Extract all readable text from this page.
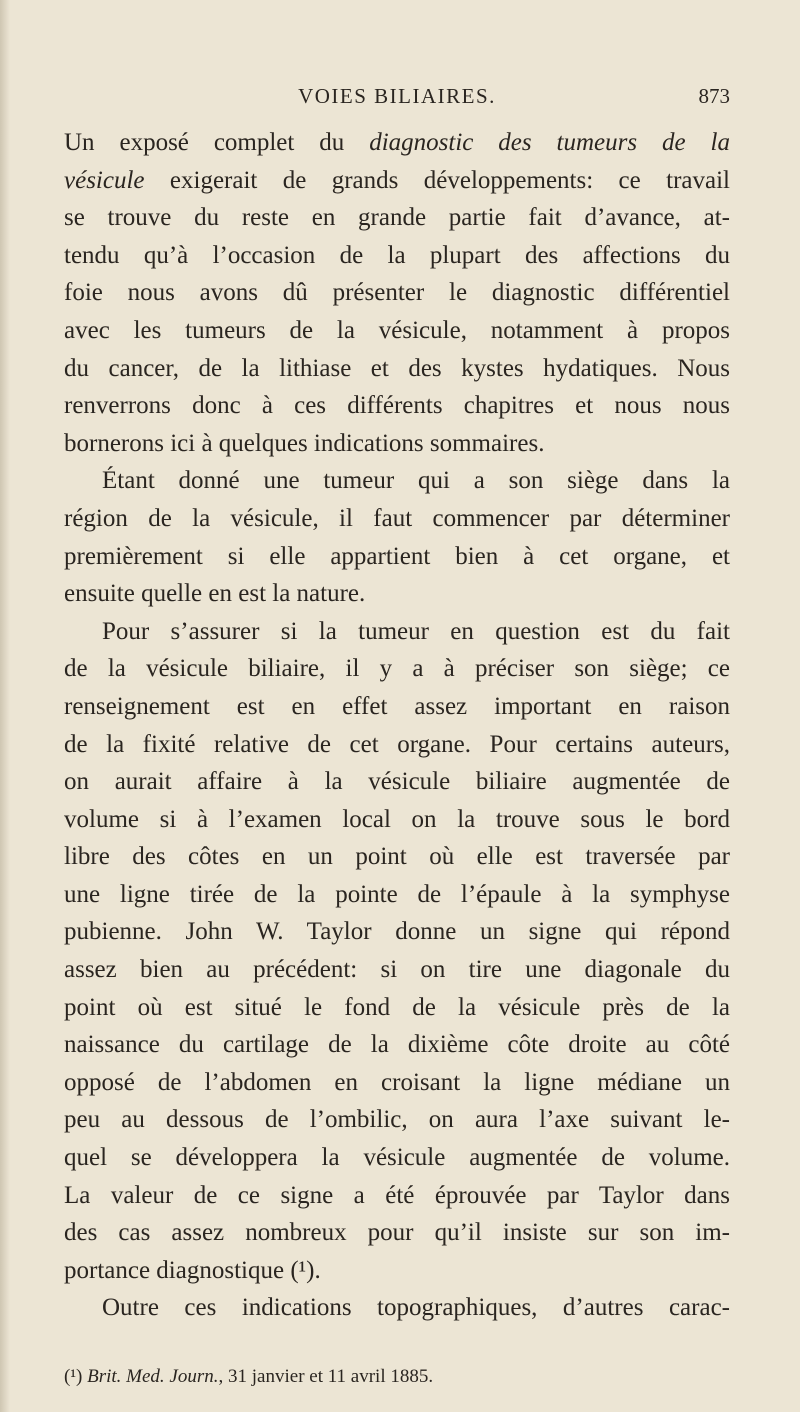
VOIES BILIAIRES.	873
Un exposé complet du diagnostic des tumeurs de la
vésicule exigerait de grands développements: ce travail
se trouve du reste en grande partie fait d’avance, at-
tendu qu’à l’occasion de la plupart des affections du
foie nous avons dû présenter le diagnostic différentiel
avec les tumeurs de la vésicule, notamment à propos
du cancer, de la lithiase et des kystes hydatiques. Nous
renverrons donc à ces différents chapitres et nous nous
bornerons ici à quelques indications sommaires.
Étant donné une tumeur qui a son siège dans la
région de la vésicule, il faut commencer par déterminer
premièrement si elle appartient bien à cet organe, et
ensuite quelle en est la nature.
Pour s’assurer si la tumeur en question est du fait
de la vésicule biliaire, il y a à préciser son siège; ce
renseignement est en effet assez important en raison
de la fixité relative de cet organe. Pour certains auteurs,
on aurait affaire à la vésicule biliaire augmentée de
volume si à l’examen local on la trouve sous le bord
libre des côtes en un point où elle est traversée par
une ligne tirée de la pointe de l’épaule à la symphyse
pubienne. John W. Taylor donne un signe qui répond
assez bien au précédent: si on tire une diagonale du
point où est situé le fond de la vésicule près de la
naissance du cartilage de la dixième côte droite au côté
opposé de l’abdomen en croisant la ligne médiane un
peu au dessous de l’ombilic, on aura l’axe suivant le-
quel se développera la vésicule augmentée de volume.
La valeur de ce signe a été éprouvée par Taylor dans
des cas assez nombreux pour qu’il insiste sur son im-
portance diagnostique (¹).
Outre ces indications topographiques, d’autres carac-
(¹) Brit. Med. Journ., 31 janvier et 11 avril 1885.
